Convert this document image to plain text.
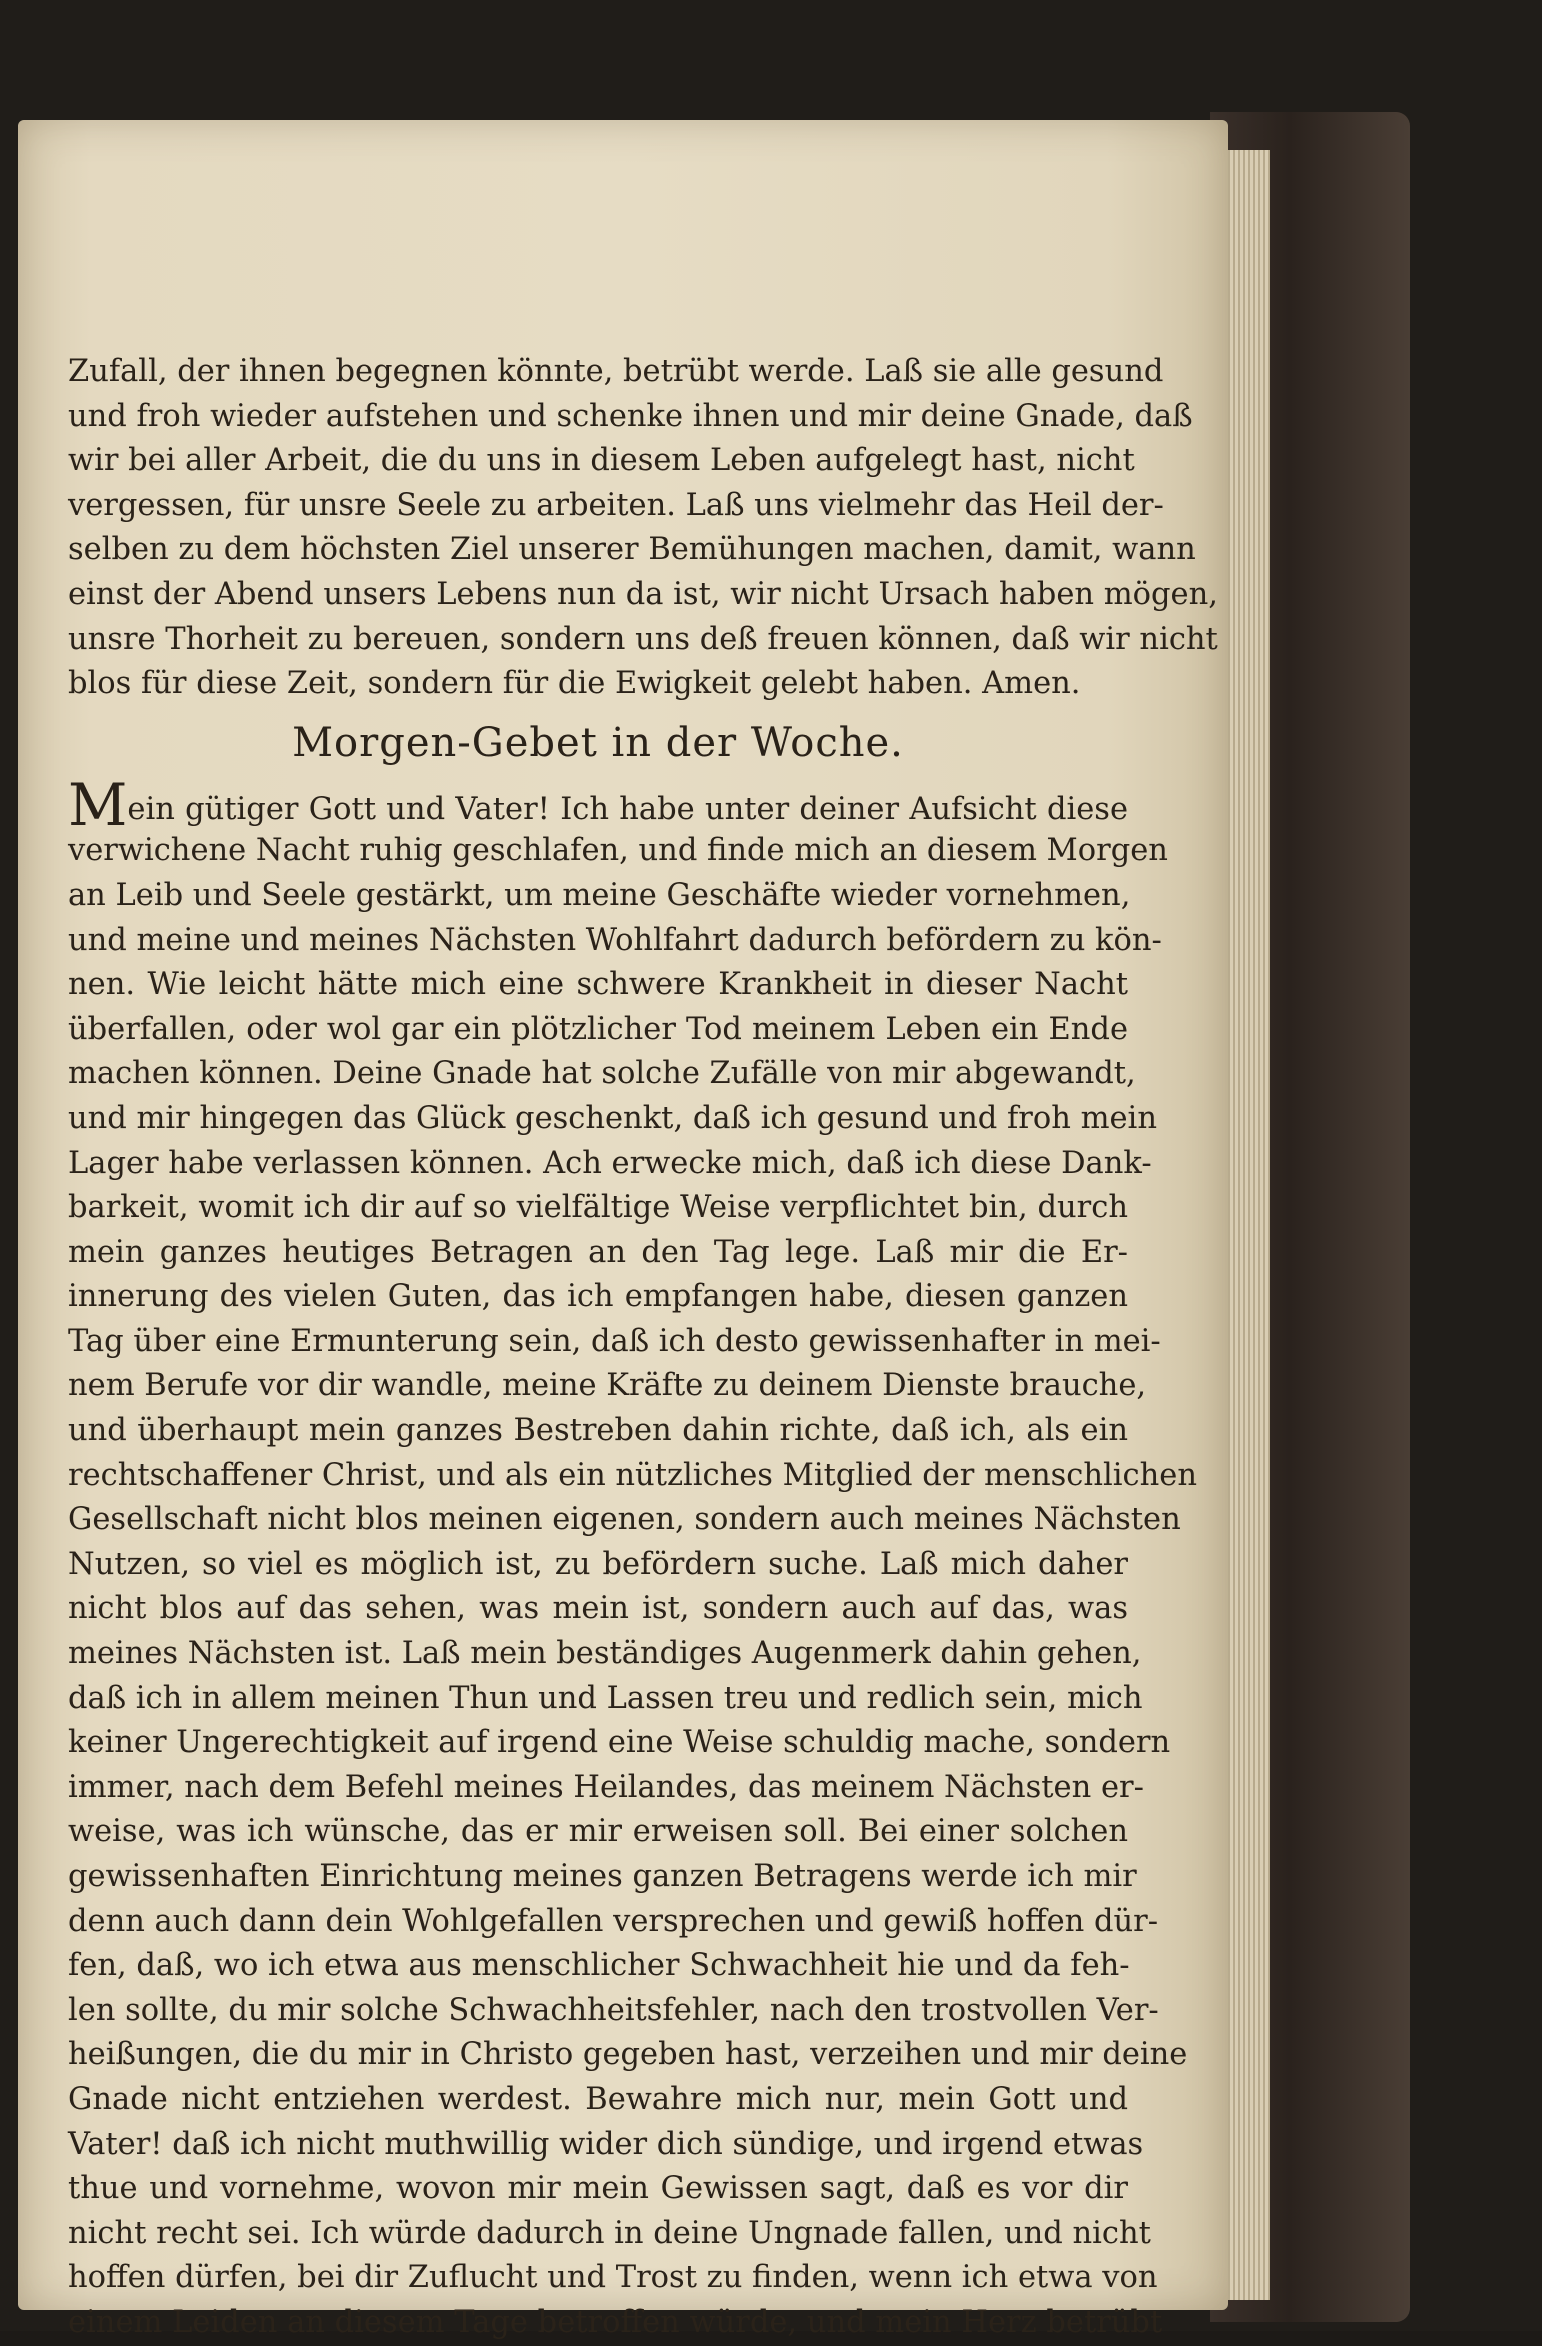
Zufall, der ihnen begegnen könnte, betrübt werde. Laß sie alle gesund
und froh wieder aufstehen und schenke ihnen und mir deine Gnade, daß
wir bei aller Arbeit, die du uns in diesem Leben aufgelegt hast, nicht
vergessen, für unsre Seele zu arbeiten. Laß uns vielmehr das Heil der-
selben zu dem höchsten Ziel unserer Bemühungen machen, damit, wann
einst der Abend unsers Lebens nun da ist, wir nicht Ursach haben mögen,
unsre Thorheit zu bereuen, sondern uns deß freuen können, daß wir nicht
blos für diese Zeit, sondern für die Ewigkeit gelebt haben. Amen.
Morgen-Gebet in der Woche.
Mein gütiger Gott und Vater! Ich habe unter deiner Aufsicht diese
verwichene Nacht ruhig geschlafen, und finde mich an diesem Morgen
an Leib und Seele gestärkt, um meine Geschäfte wieder vornehmen,
und meine und meines Nächsten Wohlfahrt dadurch befördern zu kön-
nen. Wie leicht hätte mich eine schwere Krankheit in dieser Nacht
überfallen, oder wol gar ein plötzlicher Tod meinem Leben ein Ende
machen können. Deine Gnade hat solche Zufälle von mir abgewandt,
und mir hingegen das Glück geschenkt, daß ich gesund und froh mein
Lager habe verlassen können. Ach erwecke mich, daß ich diese Dank-
barkeit, womit ich dir auf so vielfältige Weise verpflichtet bin, durch
mein ganzes heutiges Betragen an den Tag lege. Laß mir die Er-
innerung des vielen Guten, das ich empfangen habe, diesen ganzen
Tag über eine Ermunterung sein, daß ich desto gewissenhafter in mei-
nem Berufe vor dir wandle, meine Kräfte zu deinem Dienste brauche,
und überhaupt mein ganzes Bestreben dahin richte, daß ich, als ein
rechtschaffener Christ, und als ein nützliches Mitglied der menschlichen
Gesellschaft nicht blos meinen eigenen, sondern auch meines Nächsten
Nutzen, so viel es möglich ist, zu befördern suche. Laß mich daher
nicht blos auf das sehen, was mein ist, sondern auch auf das, was
meines Nächsten ist. Laß mein beständiges Augenmerk dahin gehen,
daß ich in allem meinen Thun und Lassen treu und redlich sein, mich
keiner Ungerechtigkeit auf irgend eine Weise schuldig mache, sondern
immer, nach dem Befehl meines Heilandes, das meinem Nächsten er-
weise, was ich wünsche, das er mir erweisen soll. Bei einer solchen
gewissenhaften Einrichtung meines ganzen Betragens werde ich mir
denn auch dann dein Wohlgefallen versprechen und gewiß hoffen dür-
fen, daß, wo ich etwa aus menschlicher Schwachheit hie und da feh-
len sollte, du mir solche Schwachheitsfehler, nach den trostvollen Ver-
heißungen, die du mir in Christo gegeben hast, verzeihen und mir deine
Gnade nicht entziehen werdest. Bewahre mich nur, mein Gott und
Vater! daß ich nicht muthwillig wider dich sündige, und irgend etwas
thue und vornehme, wovon mir mein Gewissen sagt, daß es vor dir
nicht recht sei. Ich würde dadurch in deine Ungnade fallen, und nicht
hoffen dürfen, bei dir Zuflucht und Trost zu finden, wenn ich etwa von
einem Leiden an diesem Tage betroffen würde, und mein Herz betrübt
